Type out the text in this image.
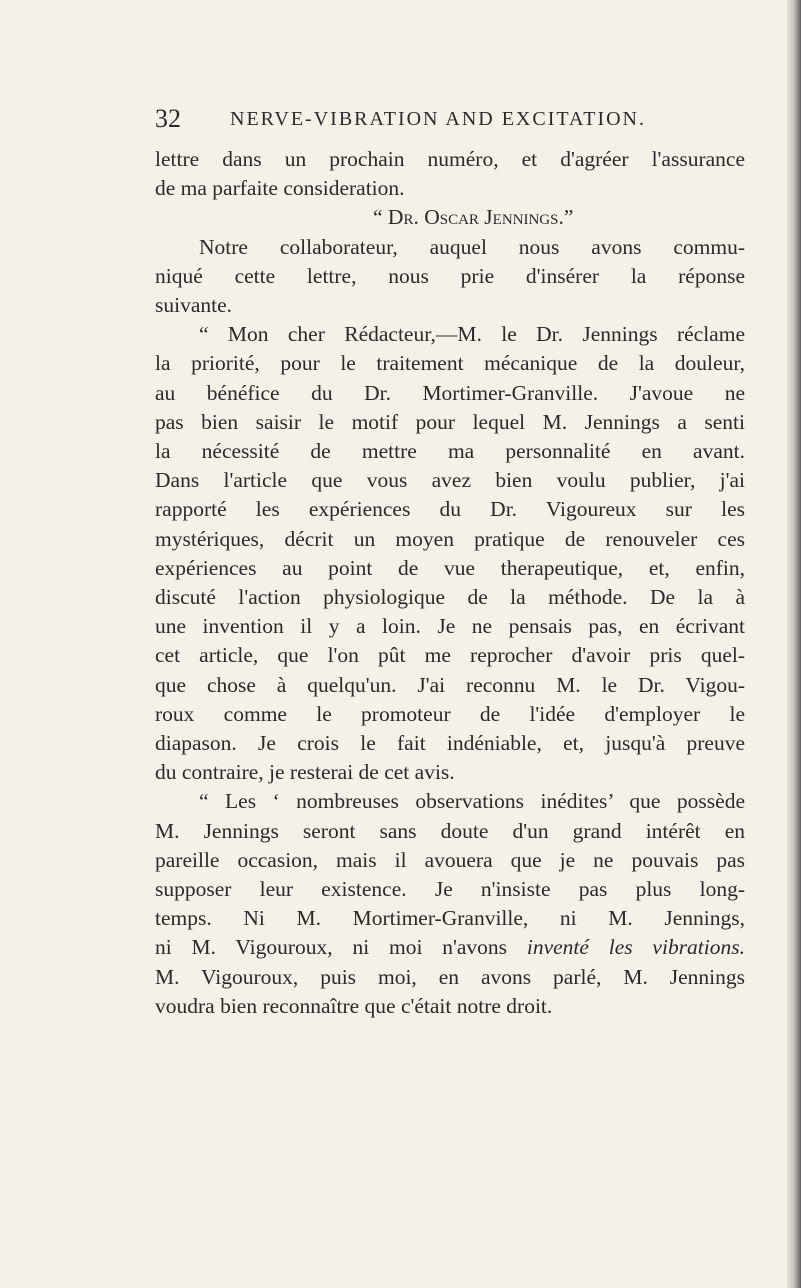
32 NERVE-VIBRATION AND EXCITATION.
lettre dans un prochain numéro, et d'agréer l'assurance
de ma parfaite consideration.
“ Dr. Oscar Jennings.”
Notre collaborateur, auquel nous avons commu-
niqué cette lettre, nous prie d'insérer la réponse
suivante.
“ Mon cher Rédacteur,—M. le Dr. Jennings réclame
la priorité, pour le traitement mécanique de la douleur,
au bénéfice du Dr. Mortimer-Granville. J'avoue ne
pas bien saisir le motif pour lequel M. Jennings a senti
la nécessité de mettre ma personnalité en avant.
Dans l'article que vous avez bien voulu publier, j'ai
rapporté les expériences du Dr. Vigoureux sur les
mystériques, décrit un moyen pratique de renouveler ces
expériences au point de vue therapeutique, et, enfin,
discuté l'action physiologique de la méthode. De la à
une invention il y a loin. Je ne pensais pas, en écrivant
cet article, que l'on pût me reprocher d'avoir pris quel-
que chose à quelqu'un. J'ai reconnu M. le Dr. Vigou-
roux comme le promoteur de l'idée d'employer le
diapason. Je crois le fait indéniable, et, jusqu'à preuve
du contraire, je resterai de cet avis.
“ Les ‘ nombreuses observations inédites’ que possède
M. Jennings seront sans doute d'un grand intérêt en
pareille occasion, mais il avouera que je ne pouvais pas
supposer leur existence. Je n'insiste pas plus long-
temps. Ni M. Mortimer-Granville, ni M. Jennings,
ni M. Vigouroux, ni moi n'avons inventé les vibrations.
M. Vigouroux, puis moi, en avons parlé, M. Jennings
voudra bien reconnaître que c'était notre droit.
